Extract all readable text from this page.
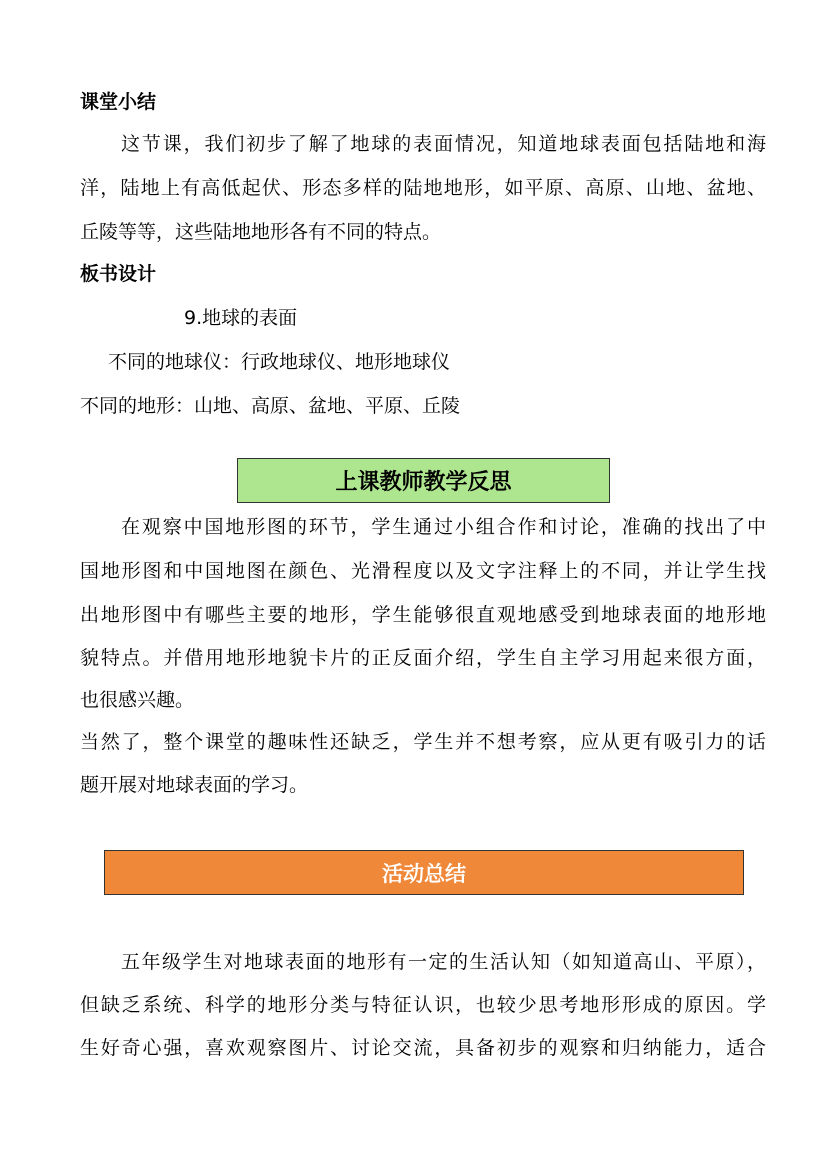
课堂小结
这节课，我们初步了解了地球的表面情况，知道地球表面包括陆地和海
洋，陆地上有高低起伏、形态多样的陆地地形，如平原、高原、山地、盆地、
丘陵等等，这些陆地地形各有不同的特点。
板书设计
9.地球的表面
不同的地球仪：行政地球仪、地形地球仪
不同的地形：山地、高原、盆地、平原、丘陵
上课教师教学反思
在观察中国地形图的环节，学生通过小组合作和讨论，准确的找出了中
国地形图和中国地图在颜色、光滑程度以及文字注释上的不同，并让学生找
出地形图中有哪些主要的地形，学生能够很直观地感受到地球表面的地形地
貌特点。并借用地形地貌卡片的正反面介绍，学生自主学习用起来很方面，
也很感兴趣。
当然了，整个课堂的趣味性还缺乏，学生并不想考察，应从更有吸引力的话
题开展对地球表面的学习。
活动总结
五年级学生对地球表面的地形有一定的生活认知（如知道高山、平原），
但缺乏系统、科学的地形分类与特征认识，也较少思考地形形成的原因。学
生好奇心强，喜欢观察图片、讨论交流，具备初步的观察和归纳能力，适合
